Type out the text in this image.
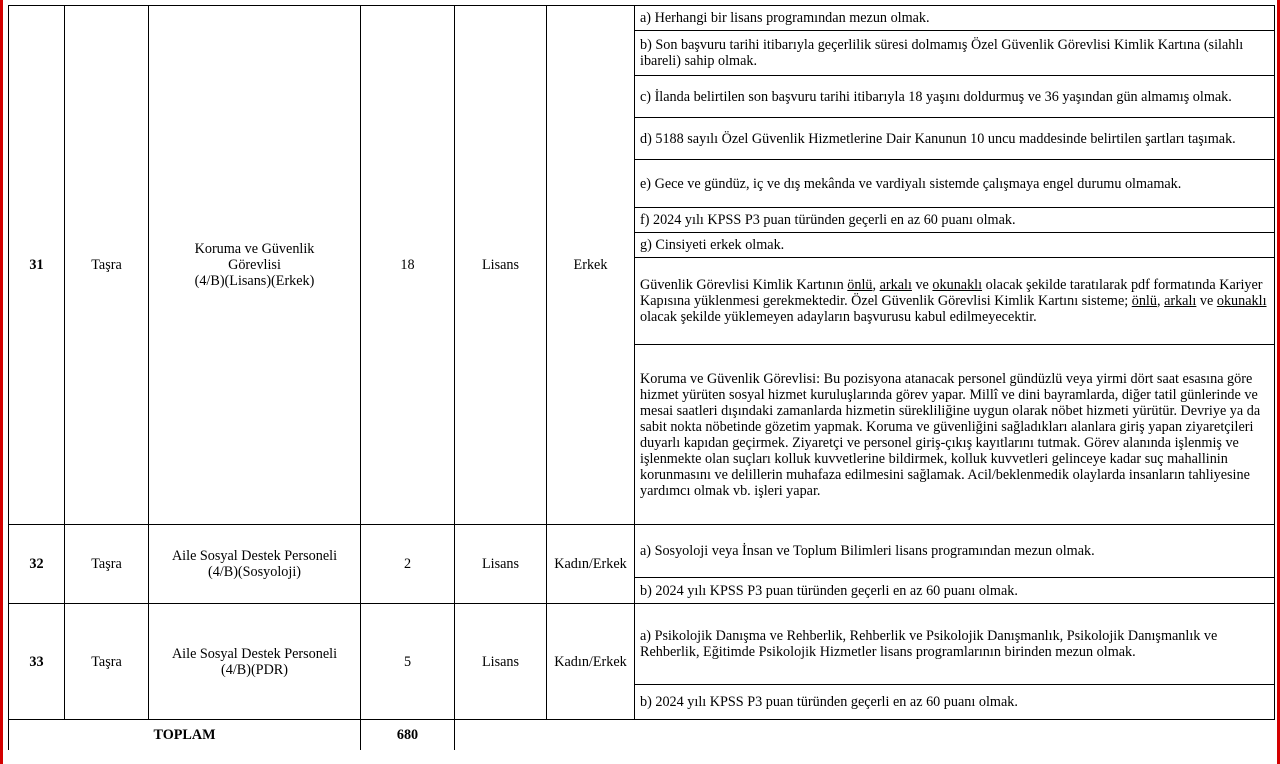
31	Taşra	Koruma ve Güvenlik
Görevlisi
(4/B)(Lisans)(Erkek)	18	Lisans	Erkek	a) Herhangi bir lisans programından mezun olmak.
						b) Son başvuru tarihi itibarıyla geçerlilik süresi dolmamış Özel Güvenlik Görevlisi Kimlik Kartına (silahlı ibareli) sahip olmak.
						c) İlanda belirtilen son başvuru tarihi itibarıyla 18 yaşını doldurmuş ve 36 yaşından gün almamış olmak.
						d) 5188 sayılı Özel Güvenlik Hizmetlerine Dair Kanunun 10 uncu maddesinde belirtilen şartları taşımak.
						e) Gece ve gündüz, iç ve dış mekânda ve vardiyalı sistemde çalışmaya engel durumu olmamak.
						f) 2024 yılı KPSS P3 puan türünden geçerli en az 60 puanı olmak.
						g) Cinsiyeti erkek olmak.
						Güvenlik Görevlisi Kimlik Kartının önlü, arkalı ve okunaklı olacak şekilde taratılarak pdf formatında Kariyer Kapısına yüklenmesi gerekmektedir. Özel Güvenlik Görevlisi Kimlik Kartını sisteme; önlü, arkalı ve okunaklı olacak şekilde yüklemeyen adayların başvurusu kabul edilmeyecektir.
						Koruma ve Güvenlik Görevlisi: Bu pozisyona atanacak personel gündüzlü veya yirmi dört saat esasına göre hizmet yürüten sosyal hizmet kuruluşlarında görev yapar. Millî ve dini bayramlarda, diğer tatil günlerinde ve mesai saatleri dışındaki zamanlarda hizmetin sürekliliğine uygun olarak nöbet hizmeti yürütür. Devriye ya da sabit nokta nöbetinde gözetim yapmak. Koruma ve güvenliğini sağladıkları alanlara giriş yapan ziyaretçileri duyarlı kapıdan geçirmek. Ziyaretçi ve personel giriş-çıkış kayıtlarını tutmak. Görev alanında işlenmiş ve işlenmekte olan suçları kolluk kuvvetlerine bildirmek, kolluk kuvvetleri gelinceye kadar suç mahallinin korunmasını ve delillerin muhafaza edilmesini sağlamak. Acil/beklenmedik olaylarda insanların tahliyesine yardımcı olmak vb. işleri yapar.
32	Taşra	Aile Sosyal Destek Personeli
(4/B)(Sosyoloji)	2	Lisans	Kadın/Erkek	a) Sosyoloji veya İnsan ve Toplum Bilimleri lisans programından mezun olmak.
						b) 2024 yılı KPSS P3 puan türünden geçerli en az 60 puanı olmak.
33	Taşra	Aile Sosyal Destek Personeli
(4/B)(PDR)	5	Lisans	Kadın/Erkek	a) Psikolojik Danışma ve Rehberlik, Rehberlik ve Psikolojik Danışmanlık, Psikolojik Danışmanlık ve Rehberlik, Eğitimde Psikolojik Hizmetler lisans programlarının birinden mezun olmak.
						b) 2024 yılı KPSS P3 puan türünden geçerli en az 60 puanı olmak.
TOPLAM			680			
